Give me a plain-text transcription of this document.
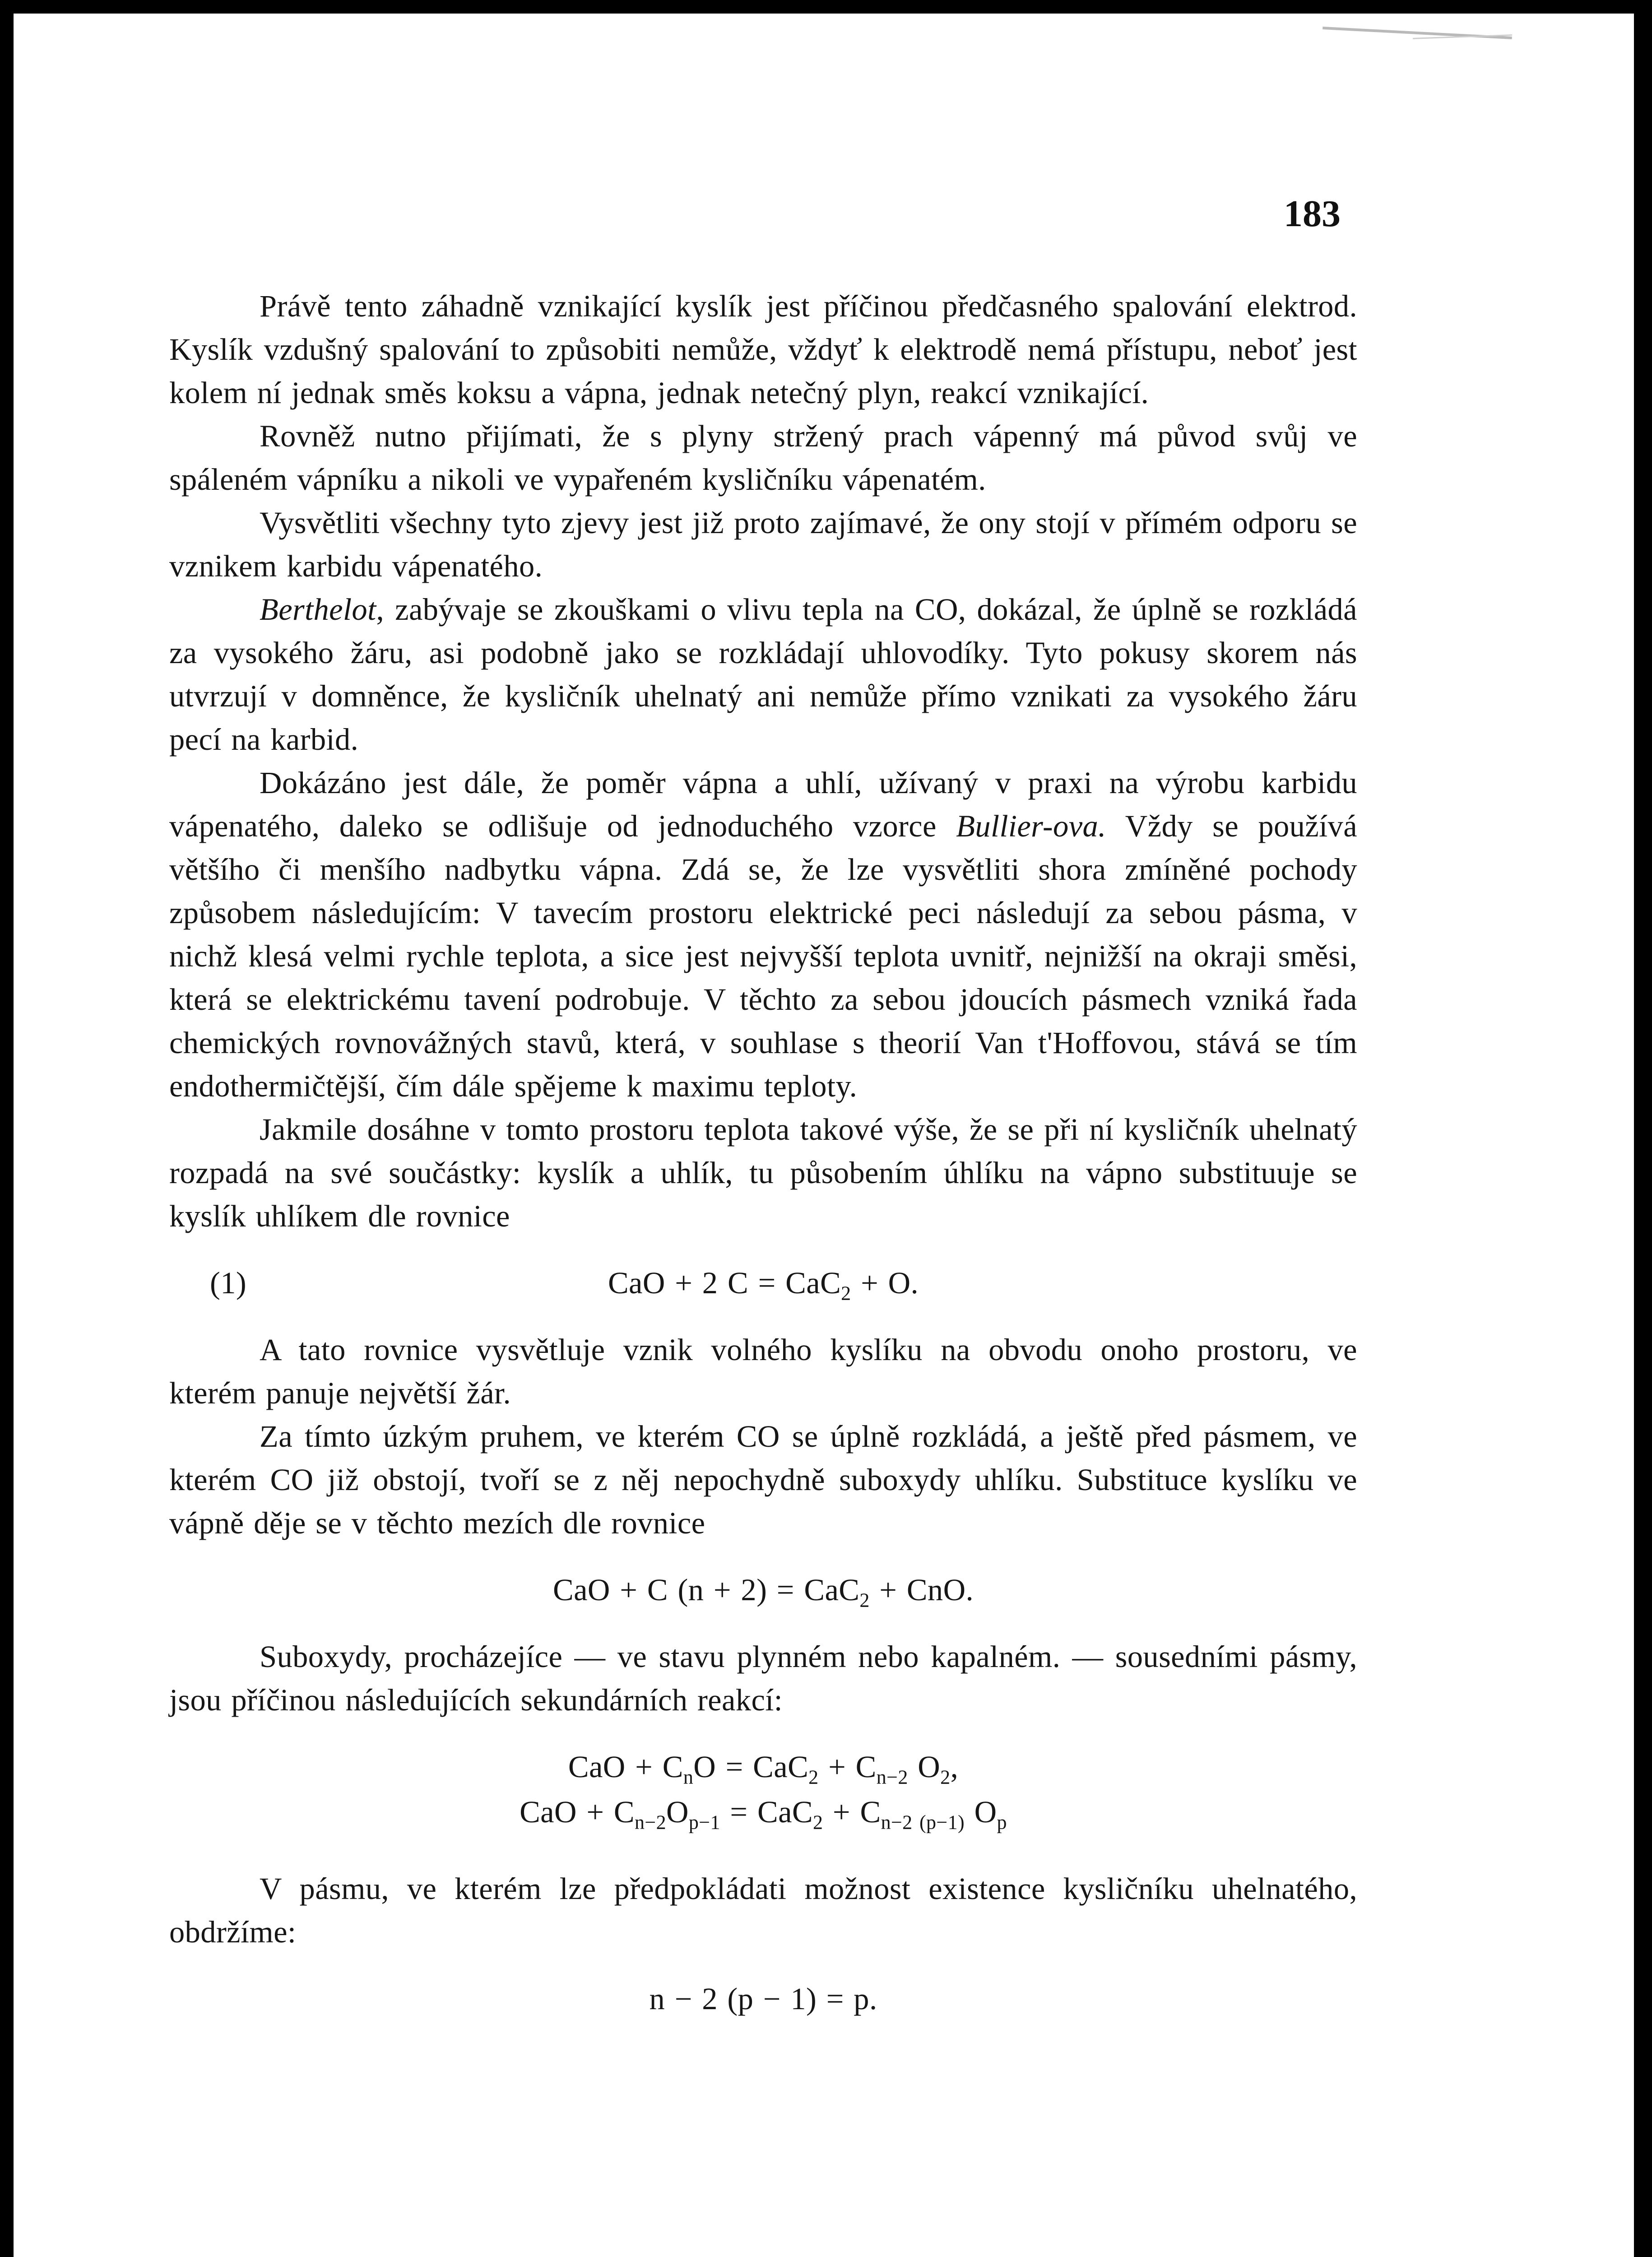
183

Právě tento záhadně vznikající kyslík jest příčinou předčasného spalování elektrod. Kyslík vzdušný spalování to způsobiti nemůže, vždyť k elektrodě nemá přístupu, neboť jest kolem ní jednak směs koksu a vápna, jednak netečný plyn, reakcí vznikající.

Rovněž nutno přijímati, že s plyny stržený prach vápenný má původ svůj ve spáleném vápníku a nikoli ve vypařeném kysličníku vápenatém.

Vysvětliti všechny tyto zjevy jest již proto zajímavé, že ony stojí v přímém odporu se vznikem karbidu vápenatého.

Berthelot, zabývaje se zkouškami o vlivu tepla na CO, dokázal, že úplně se rozkládá za vysokého žáru, asi podobně jako se rozkládají uhlovodíky. Tyto pokusy skorem nás utvrzují v domněnce, že kysličník uhelnatý ani nemůže přímo vznikati za vysokého žáru pecí na karbid.

Dokázáno jest dále, že poměr vápna a uhlí, užívaný v praxi na výrobu karbidu vápenatého, daleko se odlišuje od jednoduchého vzorce Bullier-ova. Vždy se používá většího či menšího nadbytku vápna. Zdá se, že lze vysvětliti shora zmíněné pochody způsobem následujícím: V tavecím prostoru elektrické peci následují za sebou pásma, v nichž klesá velmi rychle teplota, a sice jest nejvyšší teplota uvnitř, nejnižší na okraji směsi, která se elektrickému tavení podrobuje. V těchto za sebou jdoucích pásmech vzniká řada chemických rovnovážných stavů, která, v souhlase s theorií Van t'Hoffovou, stává se tím endothermičtější, čím dále spějeme k maximu teploty.

Jakmile dosáhne v tomto prostoru teplota takové výše, že se při ní kysličník uhelnatý rozpadá na své součástky: kyslík a uhlík, tu působením úhlíku na vápno substituuje se kyslík uhlíkem dle rovnice

(1)	CaO + 2 C = CaC$_2$ + O.

A tato rovnice vysvětluje vznik volného kyslíku na obvodu onoho prostoru, ve kterém panuje největší žár.

Za tímto úzkým pruhem, ve kterém CO se úplně rozkládá, a ještě před pásmem, ve kterém CO již obstojí, tvoří se z něj nepochydně suboxydy uhlíku. Substituce kyslíku ve vápně děje se v těchto mezích dle rovnice

CaO + C (n + 2) = CaC$_2$ + CnO.

Suboxydy, procházejíce — ve stavu plynném nebo kapalném. — sousedními pásmy, jsou příčinou následujících sekundárních reakcí:

CaO + $C_nO = CaC_2 + C_{n-2}$ $O_2$,
CaO + $C_{n-2}O_{p-1} = CaC_2 + C_{n-2 (p-1)}$ $O_p$

V pásmu, ve kterém lze předpokládati možnost existence kysličníku uhelnatého, obdržíme:

n − 2 (p − 1) = p.
